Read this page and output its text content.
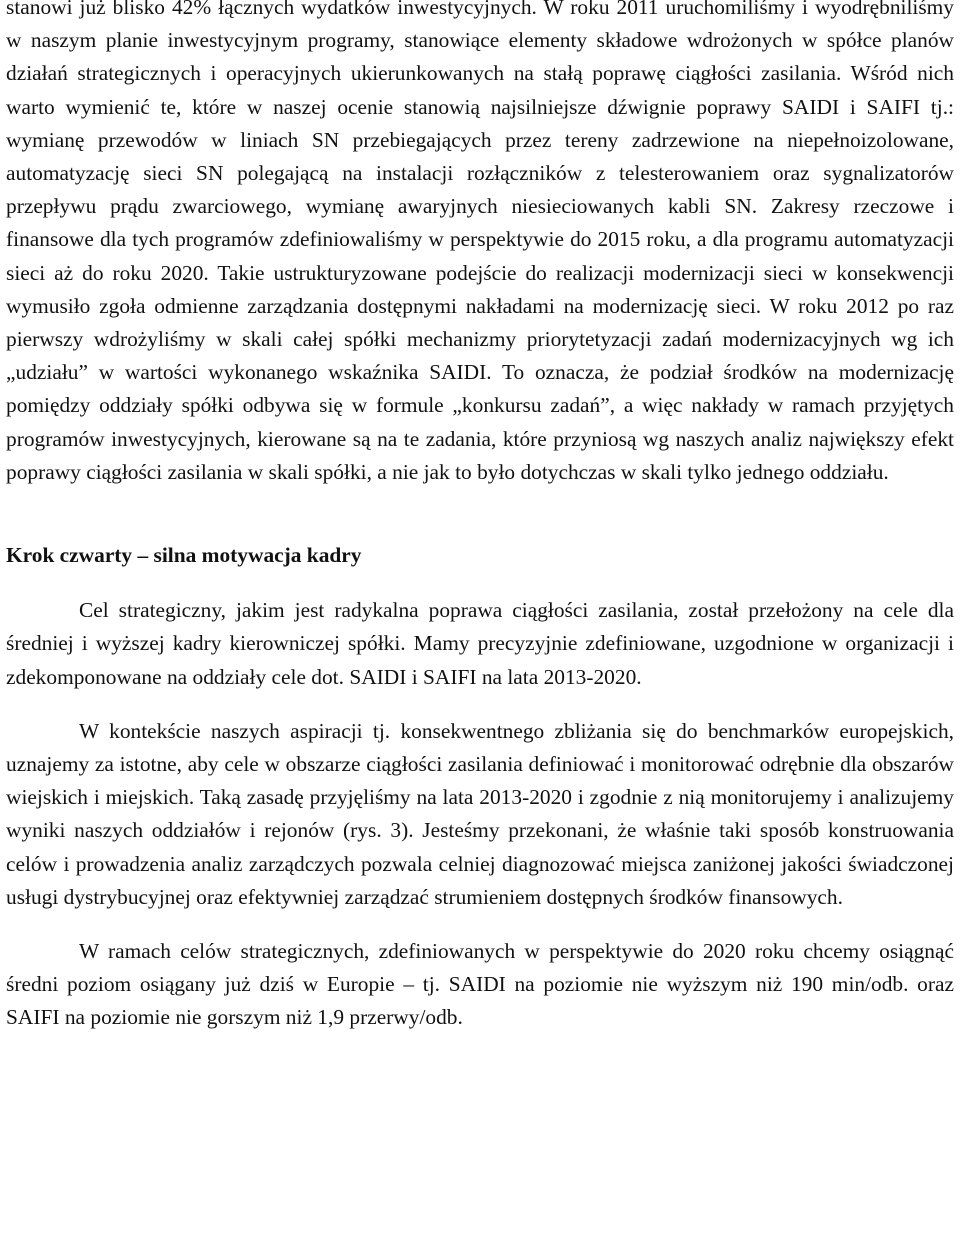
stanowi już blisko 42% łącznych wydatków inwestycyjnych. W roku 2011 uruchomiliśmy i wyodrębniliśmy w naszym planie inwestycyjnym programy, stanowiące elementy składowe wdrożonych w spółce planów działań strategicznych i operacyjnych ukierunkowanych na stałą poprawę ciągłości zasilania. Wśród nich warto wymienić te, które w naszej ocenie stanowią najsilniejsze dźwignie poprawy SAIDI i SAIFI tj.: wymianę przewodów w liniach SN przebiegających przez tereny zadrzewione na niepełnoizolowane, automatyzację sieci SN polegającą na instalacji rozłączników z telesterowaniem oraz sygnalizatorów przepływu prądu zwarciowego, wymianę awaryjnych niesieciowanych kabli SN. Zakresy rzeczowe i finansowe dla tych programów zdefiniowaliśmy w perspektywie do 2015 roku, a dla programu automatyzacji sieci aż do roku 2020. Takie ustrukturyzowane podejście do realizacji modernizacji sieci w konsekwencji wymusiło zgoła odmienne zarządzania dostępnymi nakładami na modernizację sieci. W roku 2012 po raz pierwszy wdrożyliśmy w skali całej spółki mechanizmy priorytetyzacji zadań modernizacyjnych wg ich „udziału” w wartości wykonanego wskaźnika SAIDI. To oznacza, że podział środków na modernizację pomiędzy oddziały spółki odbywa się w formule „konkursu zadań”, a więc nakłady w ramach przyjętych programów inwestycyjnych, kierowane są na te zadania, które przyniosą wg naszych analiz największy efekt poprawy ciągłości zasilania w skali spółki, a nie jak to było dotychczas w skali tylko jednego oddziału.

Krok czwarty – silna motywacja kadry

Cel strategiczny, jakim jest radykalna poprawa ciągłości zasilania, został przełożony na cele dla średniej i wyższej kadry kierowniczej spółki. Mamy precyzyjnie zdefiniowane, uzgodnione w organizacji i zdekomponowane na oddziały cele dot. SAIDI i SAIFI na lata 2013-2020.

W kontekście naszych aspiracji tj. konsekwentnego zbliżania się do benchmarków europejskich, uznajemy za istotne, aby cele w obszarze ciągłości zasilania definiować i monitorować odrębnie dla obszarów wiejskich i miejskich. Taką zasadę przyjęliśmy na lata 2013-2020 i zgodnie z nią monitorujemy i analizujemy wyniki naszych oddziałów i rejonów (rys. 3). Jesteśmy przekonani, że właśnie taki sposób konstruowania celów i prowadzenia analiz zarządczych pozwala celniej diagnozować miejsca zaniżonej jakości świadczonej usługi dystrybucyjnej oraz efektywniej zarządzać strumieniem dostępnych środków finansowych.

W ramach celów strategicznych, zdefiniowanych w perspektywie do 2020 roku chcemy osiągnąć średni poziom osiągany już dziś w Europie – tj. SAIDI na poziomie nie wyższym niż 190 min/odb. oraz SAIFI na poziomie nie gorszym niż 1,9 przerwy/odb.
